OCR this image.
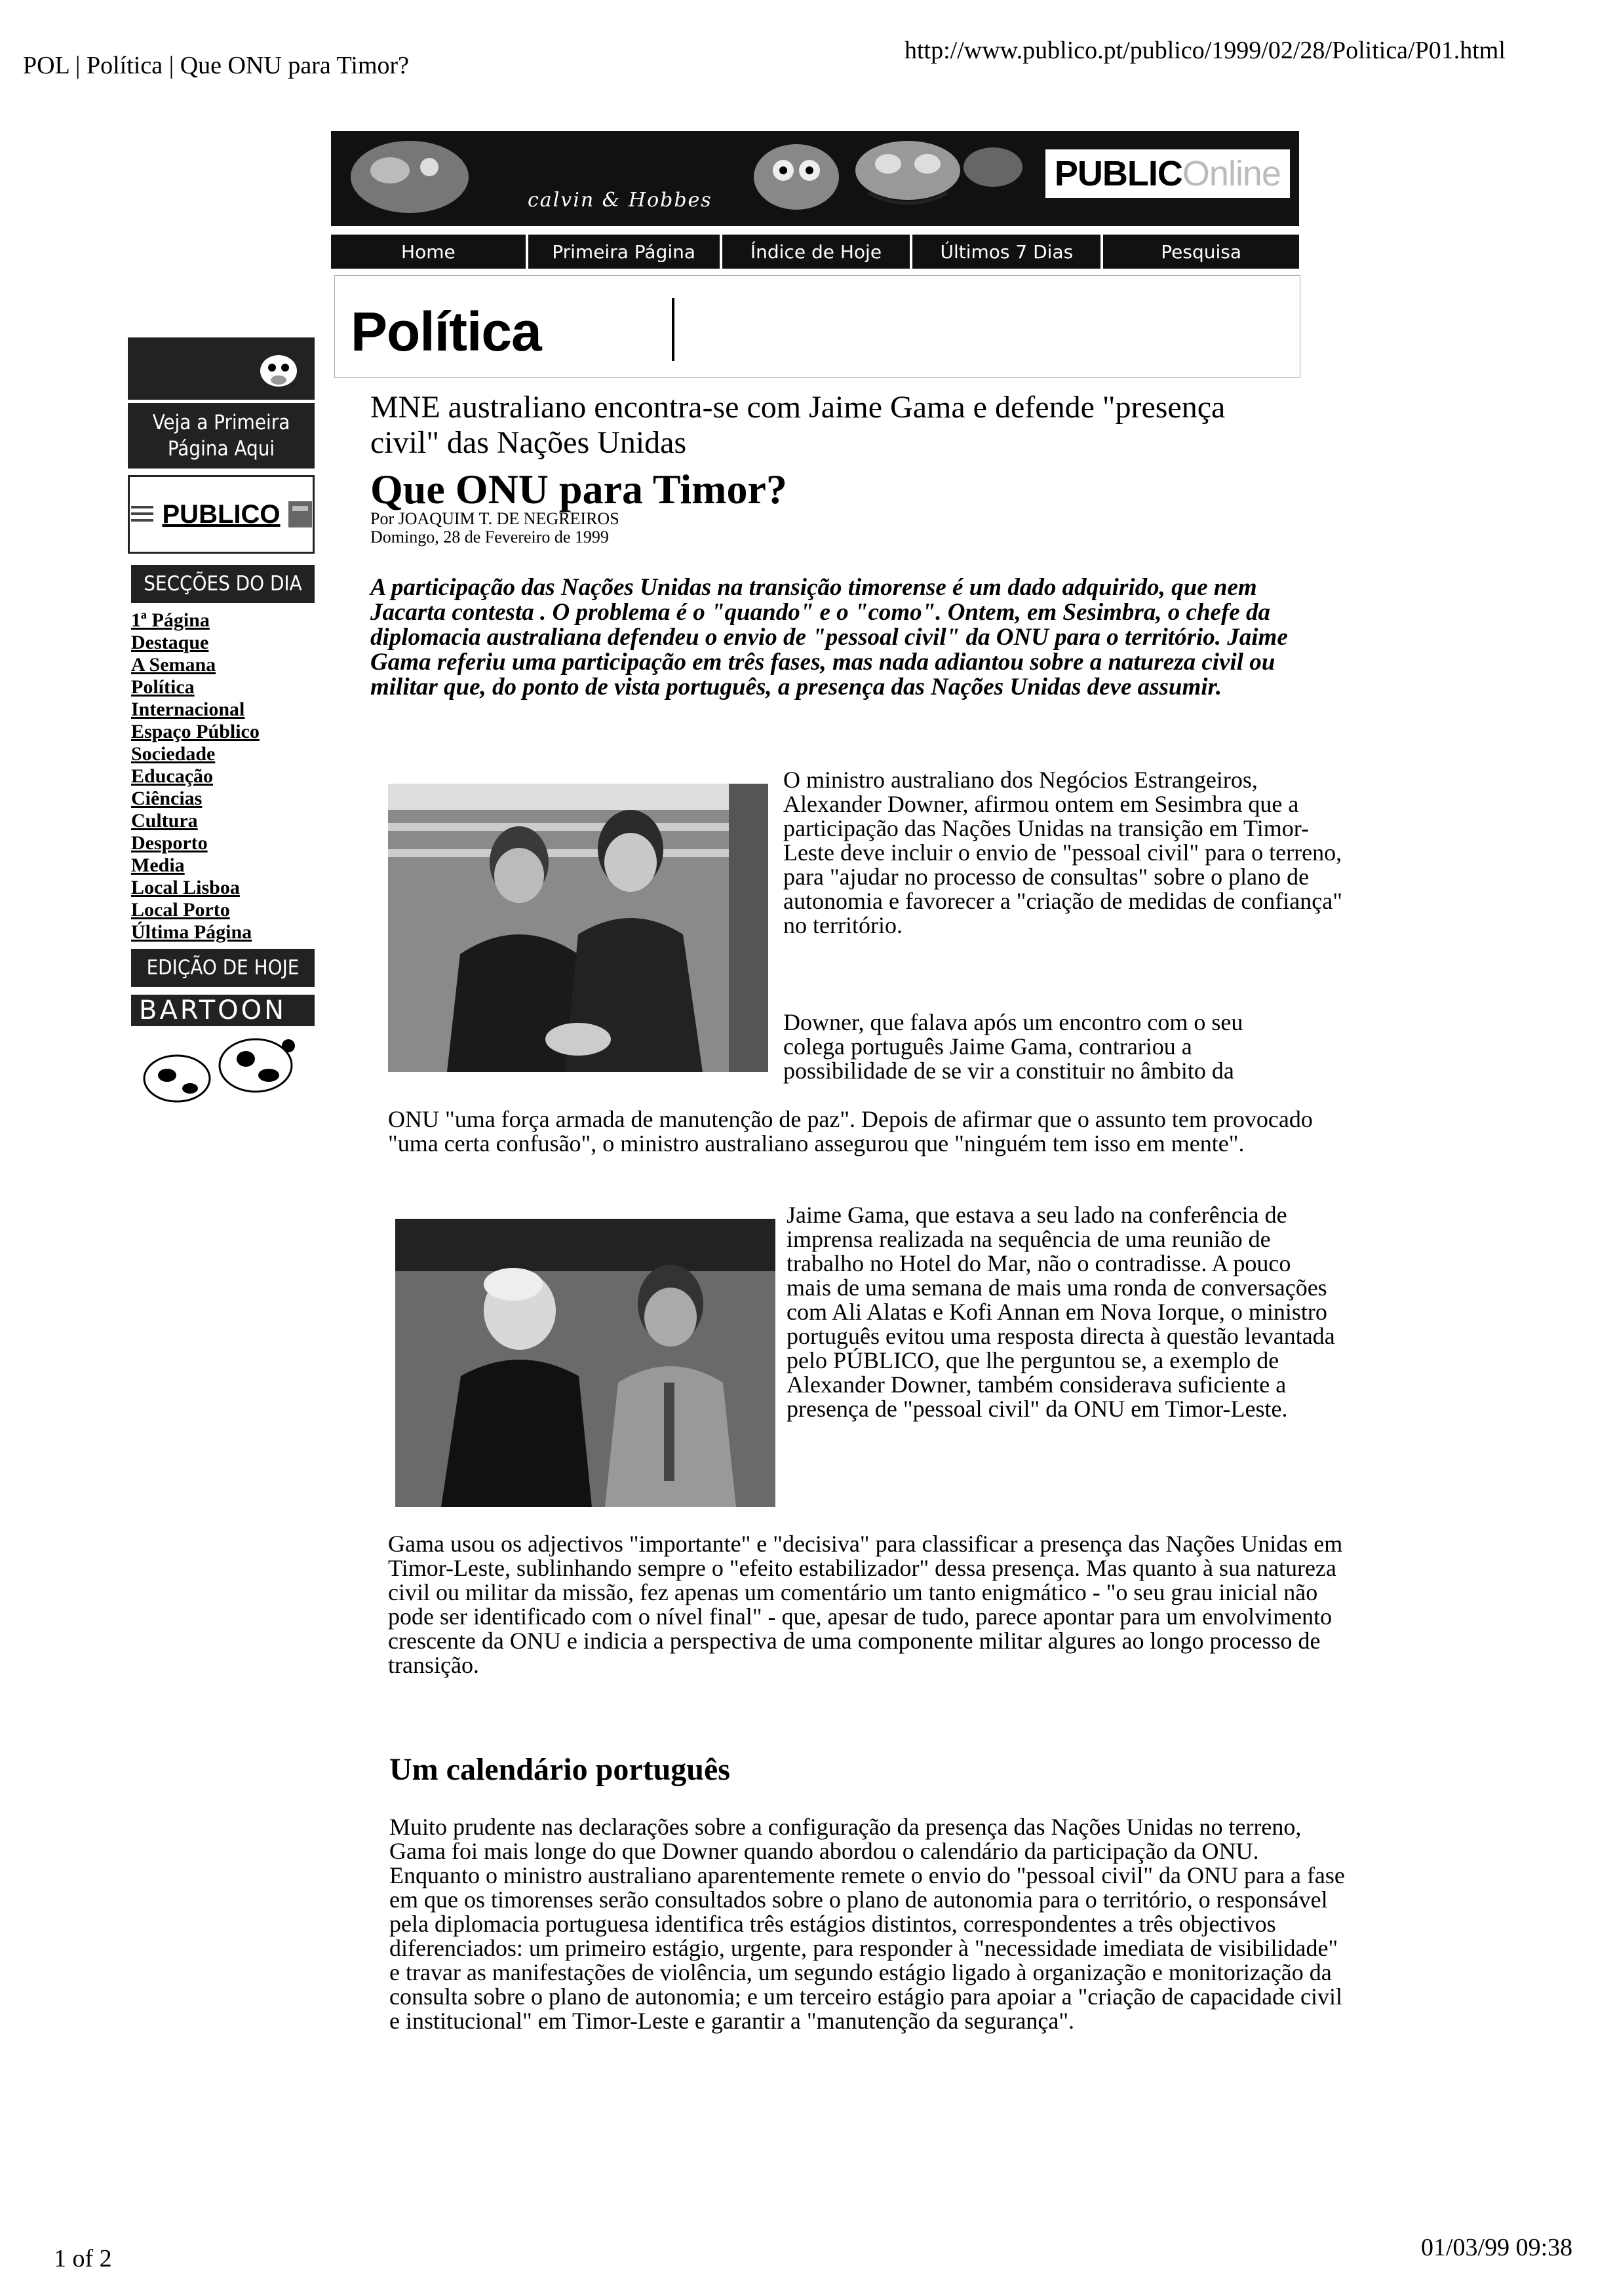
POL | Política | Que ONU para Timor?
http://www.publico.pt/publico/1999/02/28/Politica/P01.html
calvin & Hobbes
PUBLICOnline
Home	Primeira Página	Índice de Hoje	Últimos 7 Dias	Pesquisa
Política
Veja a Primeira Página Aqui
PUBLICO
SECÇÕES DO DIA
1ª Página
Destaque
A Semana
Política
Internacional
Espaço Público
Sociedade
Educação
Ciências
Cultura
Desporto
Media
Local Lisboa
Local Porto
Última Página
EDIÇÃO DE HOJE
BARTOON
MNE australiano encontra-se com Jaime Gama e defende "presença civil" das Nações Unidas
Que ONU para Timor?
Por JOAQUIM T. DE NEGREIROS
Domingo, 28 de Fevereiro de 1999
A participação das Nações Unidas na transição timorense é um dado adquirido, que nem Jacarta contesta . O problema é o "quando" e o "como". Ontem, em Sesimbra, o chefe da diplomacia australiana defendeu o envio de "pessoal civil" da ONU para o território. Jaime Gama referiu uma participação em três fases, mas nada adiantou sobre a natureza civil ou militar que, do ponto de vista português, a presença das Nações Unidas deve assumir.
O ministro australiano dos Negócios Estrangeiros, Alexander Downer, afirmou ontem em Sesimbra que a participação das Nações Unidas na transição em Timor-Leste deve incluir o envio de "pessoal civil" para o terreno, para "ajudar no processo de consultas" sobre o plano de autonomia e favorecer a "criação de medidas de confiança" no território.
Downer, que falava após um encontro com o seu colega português Jaime Gama, contrariou a possibilidade de se vir a constituir no âmbito da
ONU "uma força armada de manutenção de paz". Depois de afirmar que o assunto tem provocado "uma certa confusão", o ministro australiano assegurou que "ninguém tem isso em mente".
Jaime Gama, que estava a seu lado na conferência de imprensa realizada na sequência de uma reunião de trabalho no Hotel do Mar, não o contradisse. A pouco mais de uma semana de mais uma ronda de conversações com Ali Alatas e Kofi Annan em Nova Iorque, o ministro português evitou uma resposta directa à questão levantada pelo PÚBLICO, que lhe perguntou se, a exemplo de Alexander Downer, também considerava suficiente a presença de "pessoal civil" da ONU em Timor-Leste.
Gama usou os adjectivos "importante" e "decisiva" para classificar a presença das Nações Unidas em Timor-Leste, sublinhando sempre o "efeito estabilizador" dessa presença. Mas quanto à sua natureza civil ou militar da missão, fez apenas um comentário um tanto enigmático - "o seu grau inicial não pode ser identificado com o nível final" - que, apesar de tudo, parece apontar para um envolvimento crescente da ONU e indicia a perspectiva de uma componente militar algures ao longo processo de transição.
Um calendário português
Muito prudente nas declarações sobre a configuração da presença das Nações Unidas no terreno, Gama foi mais longe do que Downer quando abordou o calendário da participação da ONU. Enquanto o ministro australiano aparentemente remete o envio do "pessoal civil" da ONU para a fase em que os timorenses serão consultados sobre o plano de autonomia para o território, o responsável pela diplomacia portuguesa identifica três estágios distintos, correspondentes a três objectivos diferenciados: um primeiro estágio, urgente, para responder à "necessidade imediata de visibilidade" e travar as manifestações de violência, um segundo estágio ligado à organização e monitorização da consulta sobre o plano de autonomia; e um terceiro estágio para apoiar a "criação de capacidade civil e institucional" em Timor-Leste e garantir a "manutenção da segurança".
1 of 2	01/03/99 09:38
